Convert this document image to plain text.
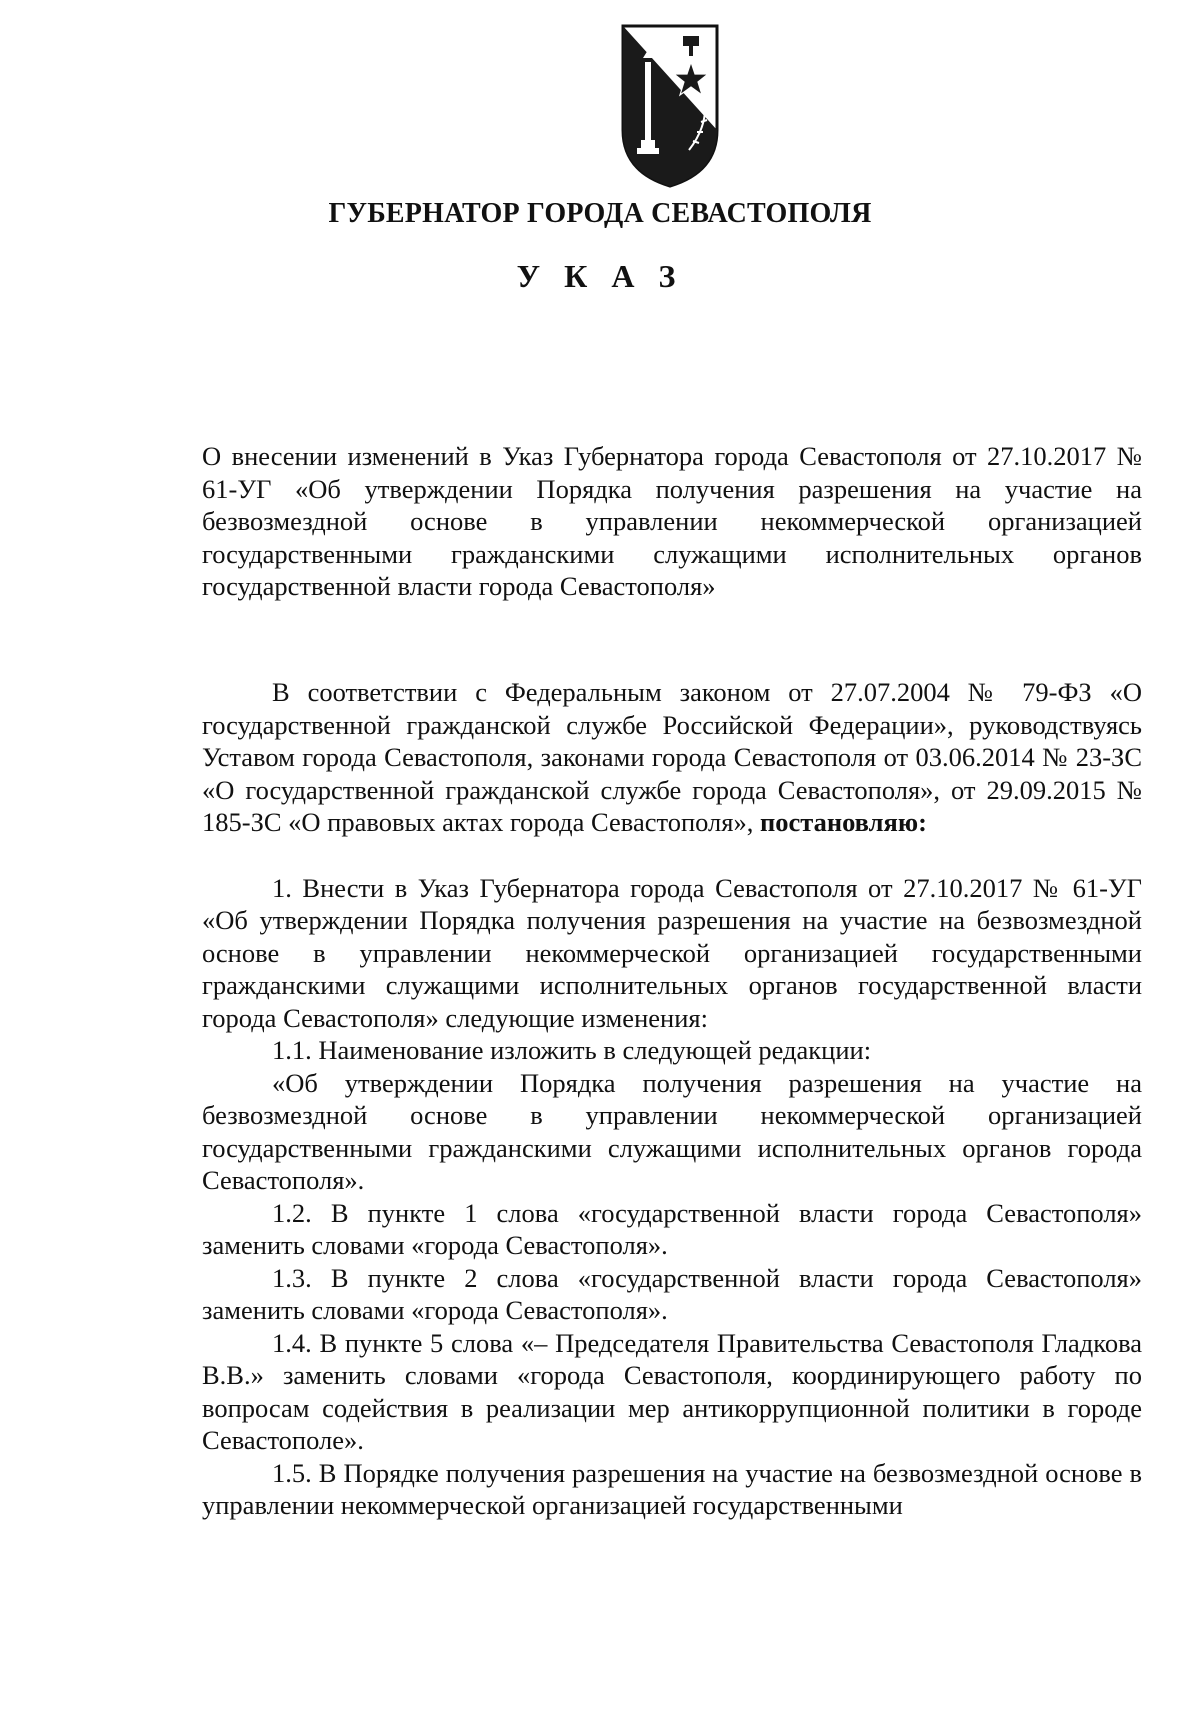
ГУБЕРНАТОР ГОРОДА СЕВАСТОПОЛЯ
У К А З
О внесении изменений в Указ Губернатора города Севастополя от 27.10.2017 № 61-УГ «Об утверждении Порядка получения разрешения на участие на безвозмездной основе в управлении некоммерческой организацией государственными гражданскими служащими исполнительных органов государственной власти города Севастополя»

В соответствии с Федеральным законом от 27.07.2004 № 79-ФЗ «О государственной гражданской службе Российской Федерации», руководствуясь Уставом города Севастополя, законами города Севастополя от 03.06.2014 № 23-ЗС «О государственной гражданской службе города Севастополя», от 29.09.2015 № 185-ЗС «О правовых актах города Севастополя», постановляю:

1. Внести в Указ Губернатора города Севастополя от 27.10.2017 № 61-УГ «Об утверждении Порядка получения разрешения на участие на безвозмездной основе в управлении некоммерческой организацией государственными гражданскими служащими исполнительных органов государственной власти города Севастополя» следующие изменения:

1.1. Наименование изложить в следующей редакции:

«Об утверждении Порядка получения разрешения на участие на безвозмездной основе в управлении некоммерческой организацией государственными гражданскими служащими исполнительных органов города Севастополя».

1.2. В пункте 1 слова «государственной власти города Севастополя» заменить словами «города Севастополя».

1.3. В пункте 2 слова «государственной власти города Севастополя» заменить словами «города Севастополя».

1.4. В пункте 5 слова «– Председателя Правительства Севастополя Гладкова В.В.» заменить словами «города Севастополя, координирующего работу по вопросам содействия в реализации мер антикоррупционной политики в городе Севастополе».

1.5. В Порядке получения разрешения на участие на безвозмездной основе в управлении некоммерческой организацией государственными
